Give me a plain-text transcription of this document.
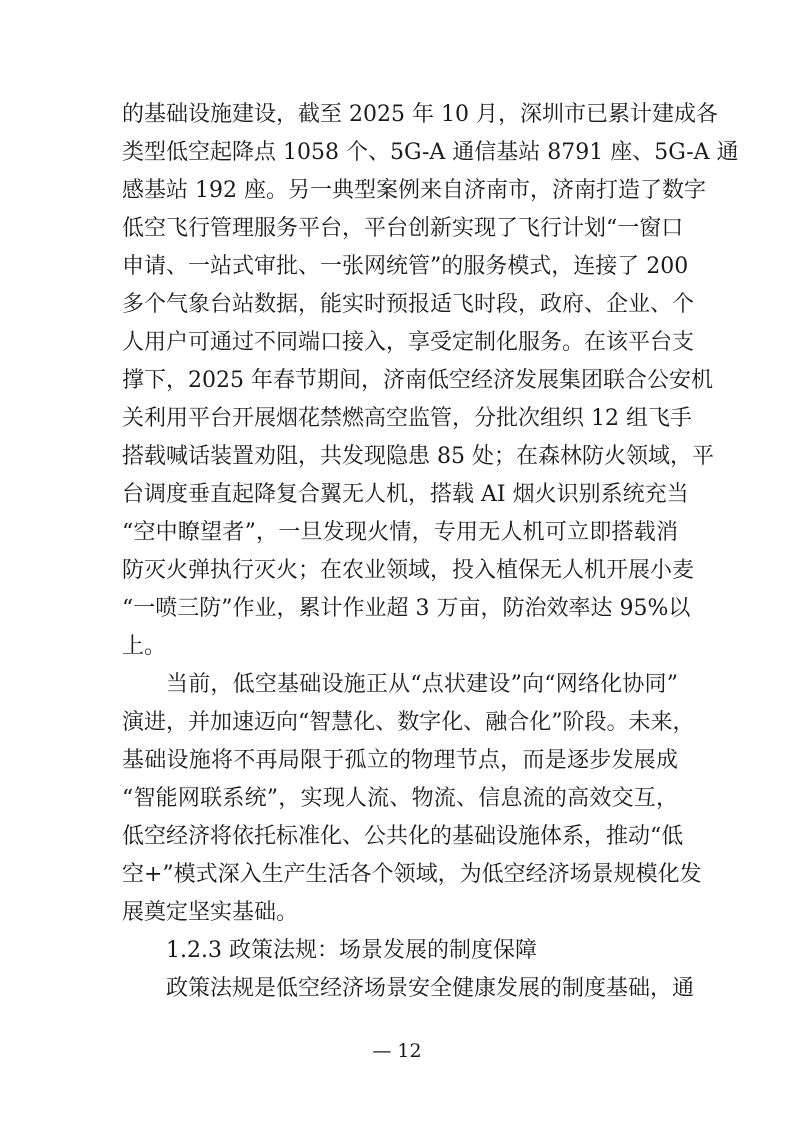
的基础设施建设，截至 2025 年 10 月，深圳市已累计建成各
类型低空起降点 1058 个、5G-A 通信基站 8791 座、5G-A 通
感基站 192 座。另一典型案例来自济南市，济南打造了数字
低空飞行管理服务平台，平台创新实现了飞行计划“一窗口
申请、一站式审批、一张网统管”的服务模式，连接了 200
多个气象台站数据，能实时预报适飞时段，政府、企业、个
人用户可通过不同端口接入，享受定制化服务。在该平台支
撑下，2025 年春节期间，济南低空经济发展集团联合公安机
关利用平台开展烟花禁燃高空监管，分批次组织 12 组飞手
搭载喊话装置劝阻，共发现隐患 85 处；在森林防火领域，平
台调度垂直起降复合翼无人机，搭载 AI 烟火识别系统充当
“空中瞭望者”，一旦发现火情，专用无人机可立即搭载消
防灭火弹执行灭火；在农业领域，投入植保无人机开展小麦
“一喷三防”作业，累计作业超 3 万亩，防治效率达 95%以
上。
当前，低空基础设施正从“点状建设”向“网络化协同”
演进，并加速迈向“智慧化、数字化、融合化”阶段。未来，
基础设施将不再局限于孤立的物理节点，而是逐步发展成
“智能网联系统”，实现人流、物流、信息流的高效交互，
低空经济将依托标准化、公共化的基础设施体系，推动“低
空+”模式深入生产生活各个领域，为低空经济场景规模化发
展奠定坚实基础。
1.2.3 政策法规：场景发展的制度保障
政策法规是低空经济场景安全健康发展的制度基础，通
— 12
